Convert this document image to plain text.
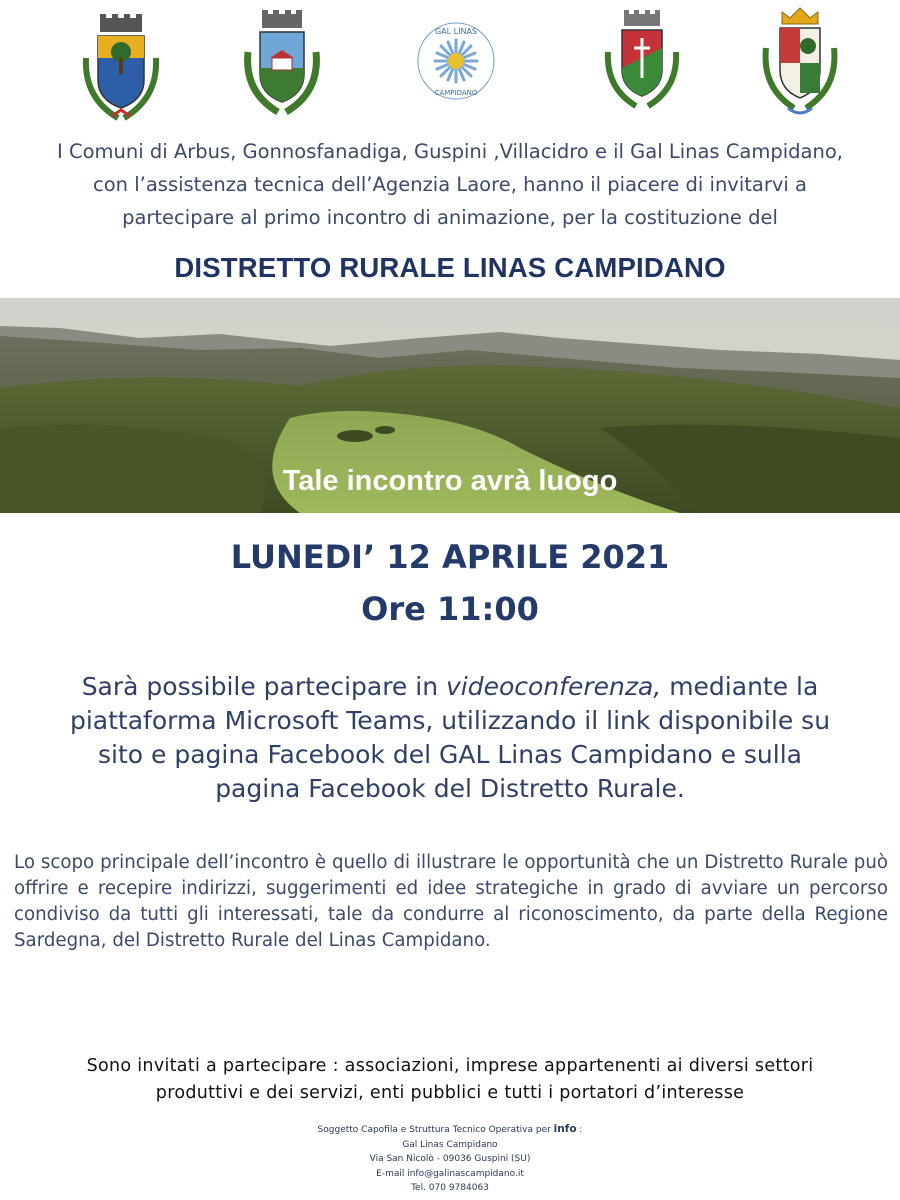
GAL LINAS
CAMPIDANO
I Comuni di Arbus, Gonnosfanadiga, Guspini ,Villacidro e il Gal Linas Campidano,
con l’assistenza tecnica dell’Agenzia Laore, hanno il piacere di invitarvi a
partecipare al primo incontro di animazione, per la costituzione del
DISTRETTO RURALE LINAS CAMPIDANO
Tale incontro avrà luogo
LUNEDI’ 12 APRILE 2021
Ore 11:00
Sarà possibile partecipare in videoconferenza, mediante la
piattaforma Microsoft Teams, utilizzando il link disponibile su
sito e pagina Facebook del GAL Linas Campidano e sulla
pagina Facebook del Distretto Rurale.
Lo scopo principale dell’incontro è quello di illustrare le opportunità che un Distretto Rurale può offrire e recepire indirizzi, suggerimenti ed idee strategiche in grado di avviare un percorso condiviso da tutti gli interessati, tale da condurre al riconoscimento, da parte della Regione Sardegna, del Distretto Rurale del Linas Campidano.
Sono invitati a partecipare : associazioni, imprese appartenenti ai diversi settori
produttivi e dei servizi, enti pubblici e tutti i portatori d’interesse
Soggetto Capofila e Struttura Tecnico Operativa per info :
Gal Linas Campidano
Via San Nicolò - 09036 Guspini (SU)
E-mail info@galinascampidano.it
Tel. 070 9784063
